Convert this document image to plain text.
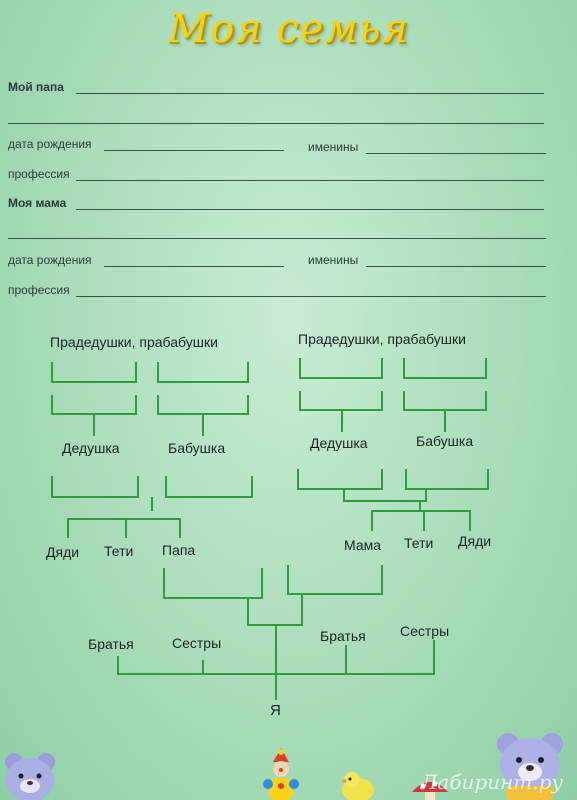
Моя семья
Мой папа
дата рождения	именины
профессия
Моя мама
дата рождения	именины
профессия
Прадедушки, прабабушки	Прадедушки, прабабушки
Дедушка	Бабушка	Дедушка	Бабушка
Дяди Тети Папа	Мама Тети Дяди
Братья	Сестры	Братья Сестры
Я
Лабиринт.ру
